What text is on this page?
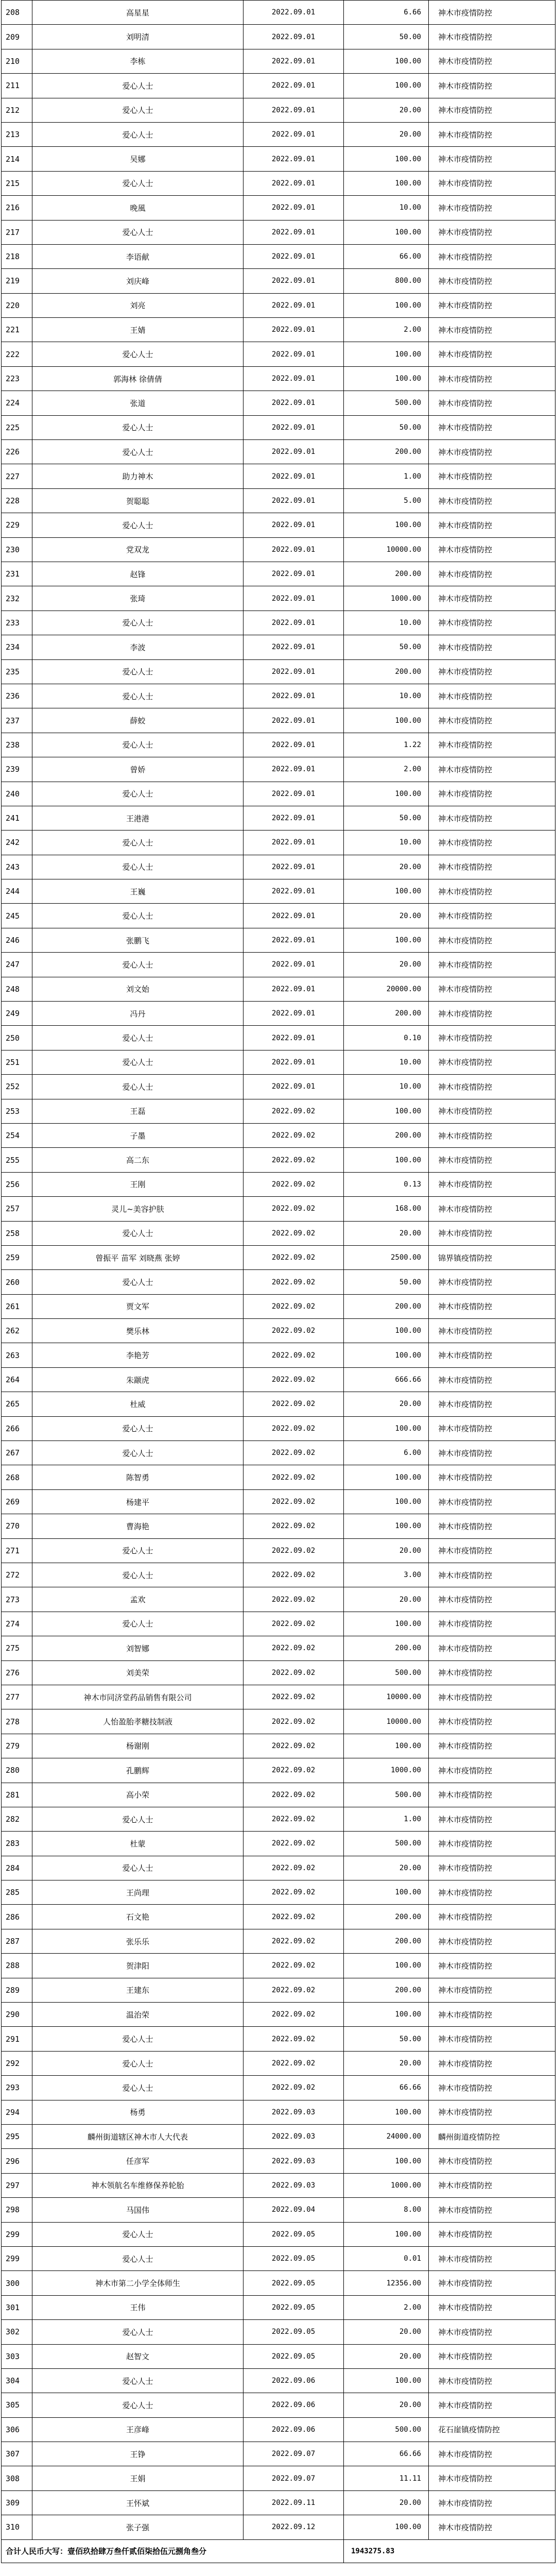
208	高星星	2022.09.01	6.66	神木市疫情防控
209	刘明清	2022.09.01	50.00	神木市疫情防控
210	李栋	2022.09.01	100.00	神木市疫情防控
211	爱心人士	2022.09.01	100.00	神木市疫情防控
212	爱心人士	2022.09.01	20.00	神木市疫情防控
213	爱心人士	2022.09.01	20.00	神木市疫情防控
214	吴娜	2022.09.01	100.00	神木市疫情防控
215	爱心人士	2022.09.01	100.00	神木市疫情防控
216	晚風	2022.09.01	10.00	神木市疫情防控
217	爱心人士	2022.09.01	100.00	神木市疫情防控
218	李语献	2022.09.01	66.00	神木市疫情防控
219	刘庆峰	2022.09.01	800.00	神木市疫情防控
220	刘亮	2022.09.01	100.00	神木市疫情防控
221	王婧	2022.09.01	2.00	神木市疫情防控
222	爱心人士	2022.09.01	100.00	神木市疫情防控
223	郭海林 徐倩倩	2022.09.01	100.00	神木市疫情防控
224	张道	2022.09.01	500.00	神木市疫情防控
225	爱心人士	2022.09.01	50.00	神木市疫情防控
226	爱心人士	2022.09.01	200.00	神木市疫情防控
227	助力神木	2022.09.01	1.00	神木市疫情防控
228	贺聪聪	2022.09.01	5.00	神木市疫情防控
229	爱心人士	2022.09.01	100.00	神木市疫情防控
230	党双龙	2022.09.01	10000.00	神木市疫情防控
231	赵锋	2022.09.01	200.00	神木市疫情防控
232	张琦	2022.09.01	1000.00	神木市疫情防控
233	爱心人士	2022.09.01	10.00	神木市疫情防控
234	李波	2022.09.01	50.00	神木市疫情防控
235	爱心人士	2022.09.01	200.00	神木市疫情防控
236	爱心人士	2022.09.01	10.00	神木市疫情防控
237	薛蛟	2022.09.01	100.00	神木市疫情防控
238	爱心人士	2022.09.01	1.22	神木市疫情防控
239	曾娇	2022.09.01	2.00	神木市疫情防控
240	爱心人士	2022.09.01	100.00	神木市疫情防控
241	王港港	2022.09.01	50.00	神木市疫情防控
242	爱心人士	2022.09.01	10.00	神木市疫情防控
243	爱心人士	2022.09.01	20.00	神木市疫情防控
244	王巍	2022.09.01	100.00	神木市疫情防控
245	爱心人士	2022.09.01	20.00	神木市疫情防控
246	张鹏飞	2022.09.01	100.00	神木市疫情防控
247	爱心人士	2022.09.01	20.00	神木市疫情防控
248	刘文始	2022.09.01	20000.00	神木市疫情防控
249	冯丹	2022.09.01	200.00	神木市疫情防控
250	爱心人士	2022.09.01	0.10	神木市疫情防控
251	爱心人士	2022.09.01	10.00	神木市疫情防控
252	爱心人士	2022.09.01	10.00	神木市疫情防控
253	王磊	2022.09.02	100.00	神木市疫情防控
254	子墨	2022.09.02	200.00	神木市疫情防控
255	高二东	2022.09.02	100.00	神木市疫情防控
256	王刚	2022.09.02	0.13	神木市疫情防控
257	灵儿~美容护肤	2022.09.02	168.00	神木市疫情防控
258	爱心人士	2022.09.02	20.00	神木市疫情防控
259	曾振平 苗军 刘晓燕 张婷	2022.09.02	2500.00	锦界镇疫情防控
260	爱心人士	2022.09.02	50.00	神木市疫情防控
261	贾文军	2022.09.02	200.00	神木市疫情防控
262	樊乐林	2022.09.02	100.00	神木市疫情防控
263	李艳芳	2022.09.02	100.00	神木市疫情防控
264	朱颛虎	2022.09.02	666.66	神木市疫情防控
265	杜威	2022.09.02	20.00	神木市疫情防控
266	爱心人士	2022.09.02	100.00	神木市疫情防控
267	爱心人士	2022.09.02	6.00	神木市疫情防控
268	陈智勇	2022.09.02	100.00	神木市疫情防控
269	杨建平	2022.09.02	100.00	神木市疫情防控
270	曹海艳	2022.09.02	100.00	神木市疫情防控
271	爱心人士	2022.09.02	20.00	神木市疫情防控
272	爱心人士	2022.09.02	3.00	神木市疫情防控
273	孟欢	2022.09.02	20.00	神木市疫情防控
274	爱心人士	2022.09.02	100.00	神木市疫情防控
275	刘智娜	2022.09.02	200.00	神木市疫情防控
276	刘美荣	2022.09.02	500.00	神木市疫情防控
277	神木市同济堂药品销售有限公司	2022.09.02	10000.00	神木市疫情防控
278	人怡盈胎孝糖技制液	2022.09.02	10000.00	神木市疫情防控
279	杨谢刚	2022.09.02	100.00	神木市疫情防控
280	孔鹏辉	2022.09.02	1000.00	神木市疫情防控
281	高小荣	2022.09.02	500.00	神木市疫情防控
282	爱心人士	2022.09.02	1.00	神木市疫情防控
283	杜蒙	2022.09.02	500.00	神木市疫情防控
284	爱心人士	2022.09.02	20.00	神木市疫情防控
285	王尚理	2022.09.02	100.00	神木市疫情防控
286	石文艳	2022.09.02	200.00	神木市疫情防控
287	张乐乐	2022.09.02	200.00	神木市疫情防控
288	贺津阳	2022.09.02	100.00	神木市疫情防控
289	王建东	2022.09.02	200.00	神木市疫情防控
290	温治荣	2022.09.02	100.00	神木市疫情防控
291	爱心人士	2022.09.02	50.00	神木市疫情防控
292	爱心人士	2022.09.02	20.00	神木市疫情防控
293	爱心人士	2022.09.02	66.66	神木市疫情防控
294	杨勇	2022.09.03	100.00	神木市疫情防控
295	麟州街道辖区神木市人大代表	2022.09.03	24000.00	麟州街道疫情防控
296	任彦军	2022.09.03	100.00	神木市疫情防控
297	神木领航名车维修保养轮胎	2022.09.03	1000.00	神木市疫情防控
298	马国伟	2022.09.04	8.00	神木市疫情防控
299	爱心人士	2022.09.05	100.00	神木市疫情防控
299	爱心人士	2022.09.05	0.01	神木市疫情防控
300	神木市第二小学全体师生	2022.09.05	12356.00	神木市疫情防控
301	王伟	2022.09.05	2.00	神木市疫情防控
302	爱心人士	2022.09.05	20.00	神木市疫情防控
303	赵智文	2022.09.05	20.00	神木市疫情防控
304	爱心人士	2022.09.06	100.00	神木市疫情防控
305	爱心人士	2022.09.06	20.00	神木市疫情防控
306	王彦峰	2022.09.06	500.00	花石崖镇疫情防控
307	王铮	2022.09.07	66.66	神木市疫情防控
308	王娟	2022.09.07	11.11	神木市疫情防控
309	王怀斌	2022.09.11	20.00	神木市疫情防控
310	张子强	2022.09.12	100.00	神木市疫情防控
合计人民币大写：壹佰玖拾肆万叁仟贰佰柒拾伍元捌角叁分			1943275.83	
